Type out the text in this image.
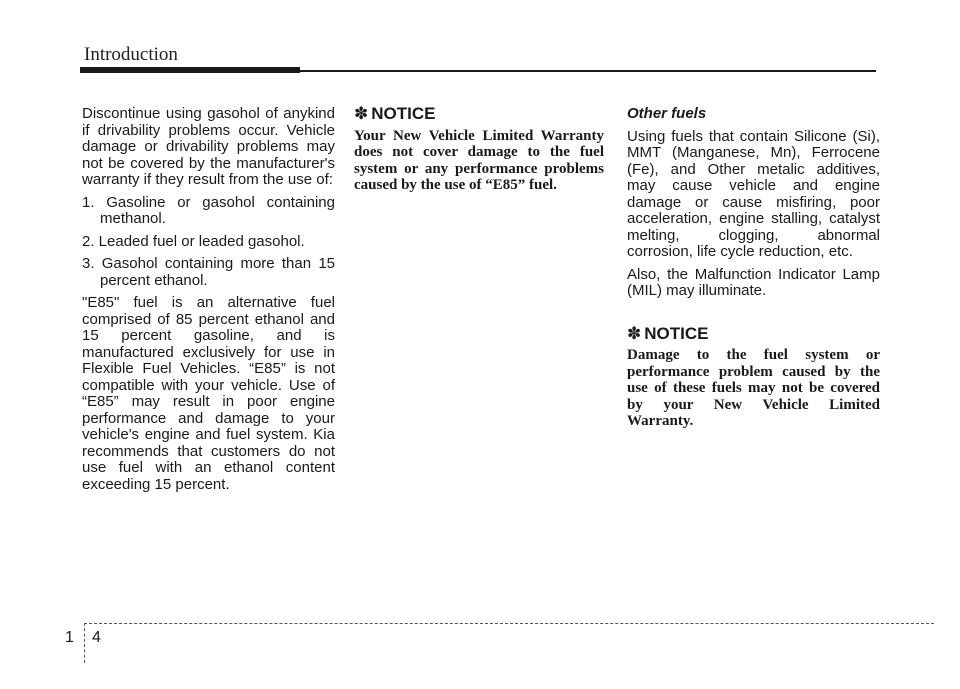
Introduction

Discontinue using gasohol of anykind if drivability problems occur. Vehicle damage or drivability problems may not be covered by the manufacturer's warranty if they result from the use of:

1. Gasoline or gasohol containing methanol.
2. Leaded fuel or leaded gasohol.
3. Gasohol containing more than 15 percent ethanol.

"E85" fuel is an alternative fuel comprised of 85 percent ethanol and 15 percent gasoline, and is manufactured exclusively for use in Flexible Fuel Vehicles. “E85” is not compatible with your vehicle. Use of “E85” may result in poor engine performance and damage to your vehicle's engine and fuel system. Kia recommends that customers do not use fuel with an ethanol content exceeding 15 percent.

✽ NOTICE

Your New Vehicle Limited Warranty does not cover damage to the fuel system or any performance problems caused by the use of “E85” fuel.

Other fuels

Using fuels that contain Silicone (Si), MMT (Manganese, Mn), Ferrocene (Fe), and Other metalic additives, may cause vehicle and engine damage or cause misfiring, poor acceleration, engine stalling, catalyst melting, clogging, abnormal corrosion, life cycle reduction, etc.

Also, the Malfunction Indicator Lamp (MIL) may illuminate.

✽ NOTICE

Damage to the fuel system or performance problem caused by the use of these fuels may not be covered by your New Vehicle Limited Warranty.

1 4
